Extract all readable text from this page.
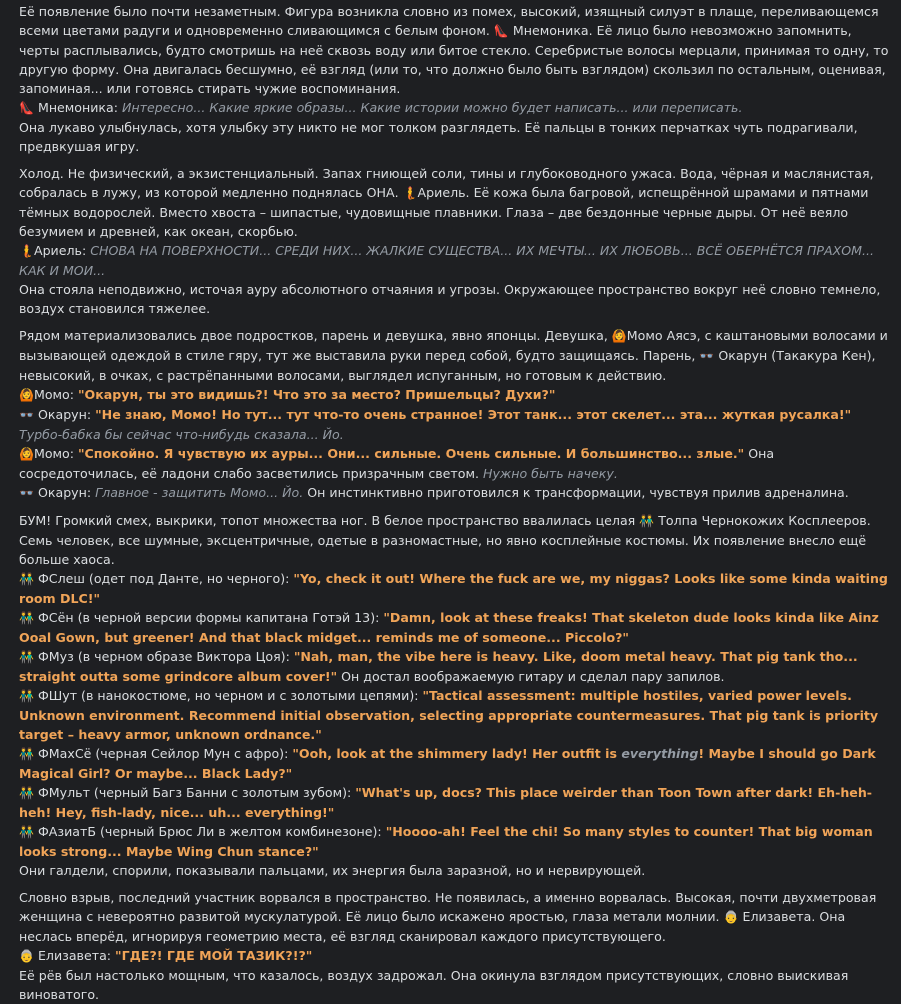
Её появление было почти незаметным. Фигура возникла словно из помех, высокий, изящный силуэт в плаще, переливающемся всеми цветами радуги и одновременно сливающимся с белым фоном. 👠 Мнемоника. Её лицо было невозможно запомнить, черты расплывались, будто смотришь на неё сквозь воду или битое стекло. Серебристые волосы мерцали, принимая то одну, то другую форму. Она двигалась бесшумно, её взгляд (или то, что должно было быть взглядом) скользил по остальным, оценивая, запоминая... или готовясь стирать чужие воспоминания.
👠 Мнемоника: Интересно... Какие яркие образы... Какие истории можно будет написать... или переписать.
Она лукаво улыбнулась, хотя улыбку эту никто не мог толком разглядеть. Её пальцы в тонких перчатках чуть подрагивали, предвкушая игру.
Холод. Не физический, а экзистенциальный. Запах гниющей соли, тины и глубоководного ужаса. Вода, чёрная и маслянистая, собралась в лужу, из которой медленно поднялась ОНА. 🧜Ариель. Её кожа была багровой, испещрённой шрамами и пятнами тёмных водорослей. Вместо хвоста – шипастые, чудовищные плавники. Глаза – две бездонные черные дыры. От неё веяло безумием и древней, как океан, скорбью.
🧜Ариель: СНОВА НА ПОВЕРХНОСТИ... СРЕДИ НИХ... ЖАЛКИЕ СУЩЕСТВА... ИХ МЕЧТЫ... ИХ ЛЮБОВЬ... ВСЁ ОБЕРНЁТСЯ ПРАХОМ... КАК И МОИ...
Она стояла неподвижно, источая ауру абсолютного отчаяния и угрозы. Окружающее пространство вокруг неё словно темнело, воздух становился тяжелее.
Рядом материализовались двое подростков, парень и девушка, явно японцы. Девушка, 🙆Момо Аясэ, с каштановыми волосами и вызывающей одеждой в стиле гяру, тут же выставила руки перед собой, будто защищаясь. Парень, 👓 Окарун (Такакура Кен), невысокий, в очках, с растрёпанными волосами, выглядел испуганным, но готовым к действию.
🙆Момо: "Окарун, ты это видишь?! Что это за место? Пришельцы? Духи?"
👓 Окарун: "Не знаю, Момо! Но тут... тут что-то очень странное! Этот танк... этот скелет... эта... жуткая русалка!" Турбо-бабка бы сейчас что-нибудь сказала... Йо.
🙆Момо: "Спокойно. Я чувствую их ауры... Они... сильные. Очень сильные. И большинство... злые." Она сосредоточилась, её ладони слабо засветились призрачным светом. Нужно быть начеку.
👓 Окарун: Главное - защитить Момо... Йо. Он инстинктивно приготовился к трансформации, чувствуя прилив адреналина.
БУМ! Громкий смех, выкрики, топот множества ног. В белое пространство ввалилась целая 👬 Толпа Чернокожих Косплееров. Семь человек, все шумные, эксцентричные, одетые в разномастные, но явно косплейные костюмы. Их появление внесло ещё больше хаоса.
👬 ФСлеш (одет под Данте, но черного): "Yo, check it out! Where the fuck are we, my niggas? Looks like some kinda waiting room DLC!"
👬 ФСён (в черной версии формы капитана Готэй 13): "Damn, look at these freaks! That skeleton dude looks kinda like Ainz Ooal Gown, but greener! And that black midget... reminds me of someone... Piccolo?"
👬 ФМуз (в черном образе Виктора Цоя): "Nah, man, the vibe here is heavy. Like, doom metal heavy. That pig tank tho... straight outta some grindcore album cover!" Он достал воображаемую гитару и сделал пару запилов.
👬 ФШут (в нанокостюме, но черном и с золотыми цепями): "Tactical assessment: multiple hostiles, varied power levels. Unknown environment. Recommend initial observation, selecting appropriate countermeasures. That pig tank is priority target – heavy armor, unknown ordnance."
👬 ФМахСё (черная Сейлор Мун с афро): "Ooh, look at the shimmery lady! Her outfit is everything! Maybe I should go Dark Magical Girl? Or maybe... Black Lady?"
👬 ФМульт (черный Багз Банни с золотым зубом): "What's up, docs? This place weirder than Toon Town after dark! Eh-heh-heh! Hey, fish-lady, nice... uh... everything!"
👬 ФАзиатБ (черный Брюс Ли в желтом комбинезоне): "Hoooo-ah! Feel the chi! So many styles to counter! That big woman looks strong... Maybe Wing Chun stance?"
Они галдели, спорили, показывали пальцами, их энергия была заразной, но и нервирующей.
Словно взрыв, последний участник ворвался в пространство. Не появилась, а именно ворвалась. Высокая, почти двухметровая женщина с невероятно развитой мускулатурой. Её лицо было искажено яростью, глаза метали молнии. 👵 Елизавета. Она неслась вперёд, игнорируя геометрию места, её взгляд сканировал каждого присутствующего.
👵 Елизавета: "ГДЕ?! ГДЕ МОЙ ТАЗИК?!?"
Её рёв был настолько мощным, что казалось, воздух задрожал. Она окинула взглядом присутствующих, словно выискивая виноватого.
